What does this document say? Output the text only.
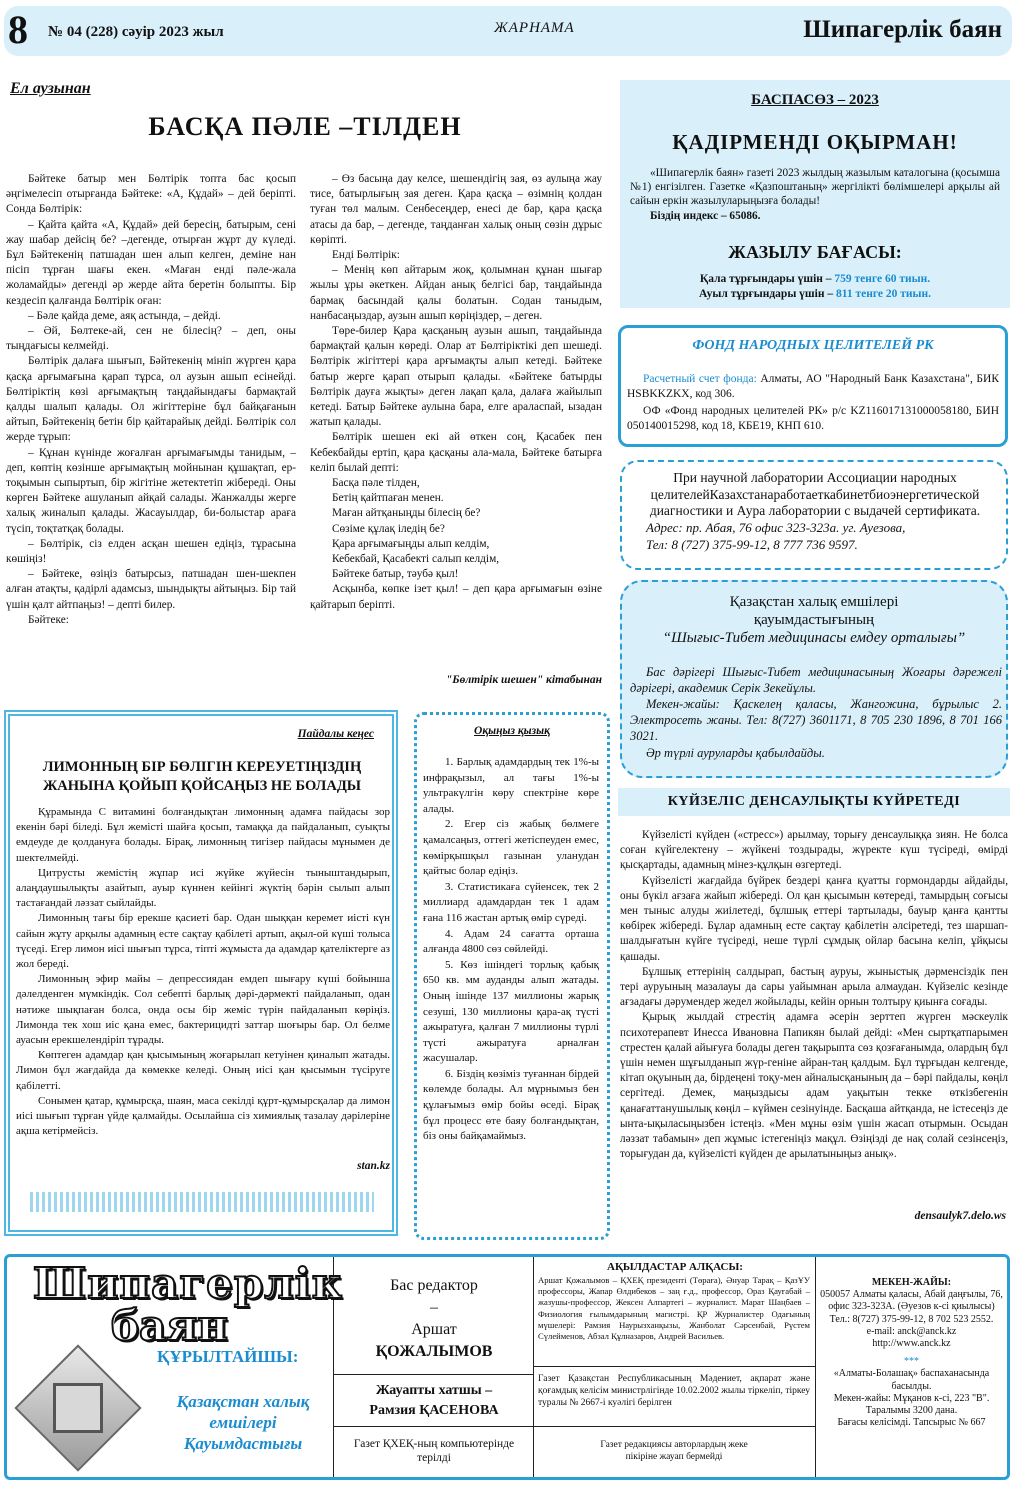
8 № 04 (228) сәуір 2023 жыл	ЖАРНАМА	Шипагерлік баян
Ел аузынан
БАСҚА ПӘЛЕ –ТІЛДЕН

Бәйтеке батыр мен Бөлтірік топта бас қосып әңгімелесіп отырғанда Бәйтеке: «А, Құдай» – дей беріпті. Сонда Бөлтірік:

– Қайта қайта «А, Құдай» дей бересің, батырым, сені жау шабар дейсің бе? –дегенде, отырған жұрт ду күледі. Бұл Бәйтекенің патшадан шен алып келген, деміне нан пісіп тұрған шағы екен. «Маған енді пәле-жала жоламайды» дегенді әр жерде айта беретін болыпты. Бір кездесіп қалғанда Бөлтірік оған:

– Бәле қайда деме, аяқ астында, – дейді.

– Әй, Бөлтеке-ай, сен не білесің? – деп, оны тыңдағысы келмейді.

Бөлтірік далаға шығып, Бәйтекенің мініп жүрген қара қасқа арғымағына қарап тұрса, ол аузын ашып есінейді. Бөлтіріктің көзі арғымақтың таңдайындағы бармақтай қалды шалып қалады. Ол жігіттеріне бұл байқағанын айтып, Бәйтекенің бетін бір қайтарайық дейді. Бөлтірік сол жерде тұрып:

– Құнан күнінде жоғалған арғымағымды танидым, – деп, көптің көзінше арғымақтың мойнынан құшақтап, ер-тоқымын сыпыртып, бір жігітіне жетектетіп жібереді. Оны көрген Бәйтеке ашуланып айқай салады. Жанжалды жерге халық жиналып қалады. Жасауылдар, би-болыстар араға түсіп, тоқтатқақ болады.

– Бөлтірік, сіз елден асқан шешен едіңіз, тұрасына көшіңіз!

– Бәйтеке, өзіңіз батырсыз, патшадан шен-шекпен алған атақты, қадірлі адамсыз, шындықты айтыңыз. Бір тай үшін қалт айтпаңыз! – депті билер.

Бәйтеке:

– Өз басыңа дау келсе, шешендігің зая, өз аулыңа жау тисе, батырлығың зая деген. Қара қасқа – өзімнің қолдан туған төл малым. Сенбесеңдер, енесі де бар, қара қасқа атасы да бар, – дегенде, таңданған халық оның сөзін дұрыс көріпті.

Енді Бөлтірік:

– Менің көп айтарым жоқ, қолымнан құнан шығар жылы ұры әкеткен. Айдан анық белгісі бар, таңдайында бармақ басындай қалы болатын. Содан таныдым, нанбасаңыздар, аузын ашып көріңіздер, – деген.

Төре-билер Қара қасқаның аузын ашып, таңдайында бармақтай қалын көреді. Олар ат Бөлтіріктікі деп шешеді. Бөлтірік жігіттері қара арғымақты алып кетеді. Бәйтеке батыр жерге қарап отырып қалады. «Бәйтеке батырды Бөлтірік дауға жықты» деген лақап қала, далаға жайылып кетеді. Батыр Бәйтеке аулына бара, елге араласпай, ызадан жатып қалады.

Бөлтірік шешен екі ай өткен соң, Қасабек пен Кебекбайды ертіп, қара қасқаны ала-мала, Бәйтеке батырға келіп былай депті:

Басқа пәле тілден,

Бетің қайтпаған менен.

Маған айтқаныңды білесің бе?

Сөзіме құлақ іледің бе?

Қара арғымағыңды алып келдім,

Кебекбай, Қасабекті салып келдім,

Бәйтеке батыр, тәубә қыл!

Асқынба, көпке ізет қыл! – деп қара арғымағын өзіне қайтарып беріпті.

"Бөлтірік шешен" кітабынан
БАСПАСӨЗ – 2023
ҚАДІРМЕНДІ ОҚЫРМАН!
«Шипагерлік баян» газеті 2023 жылдың жазылым каталогына (қосымша №1) енгізілген. Газетке «Қазпоштаның» жергілікті бөлімшелері арқылы ай сайын еркін жазылуларыңызға болады!
Біздің индекс – 65086.
ЖАЗЫЛУ БАҒАСЫ:
Қала тұрғындары үшін – 759 тенге 60 тиын.
Ауыл тұрғындары үшін – 811 тенге 20 тиын.
ФОНД НАРОДНЫХ ЦЕЛИТЕЛЕЙ РК
Расчетный счет фонда: Алматы, АО "Народный Банк Казахстана", БИК HSBKKZKX, код 306.
ОФ «Фонд народных целителей РК» р/с KZ116017131000058180, БИН 050140015298, код 18, КБЕ19, КНП 610.
При научной лаборатории Ассоциации народных целителейКазахстанаработаеткабинетбиоэнергетической диагностики и Аура лаборатории с выдачей сертификата.
Адрес: пр. Абая, 76 офис 323-323а. уг. Ауезова,
Тел: 8 (727) 375-99-12, 8 777 736 9597.
Қазақстан халық емшілері
қауымдастығының
“Шығыс-Тибет медицинасы емдеу орталығы”
Бас дәрігері Шығыс-Тибет медицинасының Жоғары дәрежелі дәрігері, академик Серік Зекейұлы.
Мекен-жайы: Қаскелең қаласы, Жангожина, бұрылыс 2. Электросеть жаны. Тел: 8(727) 3601171, 8 705 230 1896, 8 701 166 3021.
Әр түрлі ауруларды қабылдайды.
КҮЙЗЕЛІС ДЕНСАУЛЫҚТЫ КҮЙРЕТЕДІ

Күйзелісті күйден («стресс») арылмау, торығу денсаулыққа зиян. Не болса соған күйгелектену – жүйкені тоздырады, жүректе күш түсіреді, өмірді қысқартады, адамның мінез-құлқын өзгертеді.

Күйзелісті жағдайда бүйрек бездері қанға қуатты гормондарды айдайды, оны бүкіл ағзаға жайып жібереді. Ол қан қысымын көтереді, тамырдың соғысы мен тыныс алуды жиілетеді, бұлшық еттері тартылады, бауыр қанға қантты көбірек жібереді. Бұлар адамның есте сақтау қабілетін әлсіретеді, тез шаршап-шалдығатын күйге түсіреді, неше түрлі сұмдық ойлар басына келіп, ұйқысы қашады.

Бұлшық еттерінің салдырап, бастың ауруы, жыныстық дәрменсіздік пен тері ауруының мазалауы да сары уайымнан арыла алмаудан. Күйзеліс кезінде ағзадағы дәрумендер жедел жойылады, кейін орнын толтыру қиынға соғады.

Қырық жылдай стрестің адамға әсерін зерттеп жүрген мәскеулік психотерапевт Инесса Ивановна Папикян былай дейді: «Мен сыртқатпарымен стрестен қалай айығуға болады деген тақырыпта сөз қозғағанымда, олардың бұл үшін немен шұғылданып жүр-геніне айран-таң қалдым. Бұл тұрғыдан келгенде, кітап оқуының да, бірдеңені тоқу-мен айналысқанының да – бәрі пайдалы, көңіл сергітеді. Демек, маңыздысы адам уақытын текке өткізбегенін қанағаттанушылық көңіл – күймен сезінуінде. Басқаша айтқанда, не істесеңіз де ынта-ықыласыңызбен істеңіз. «Мен мұны өзім үшін жасап отырмын. Осыдан ләззат табамын» деп жұмыс істегеніңіз мақұл. Өзіңізді де нақ солай сезінсеңіз, торығудан да, күйзелісті күйден де арылатыныңыз анық».

densaulyk7.delo.ws
Пайдалы кеңес
ЛИМОННЫҢ БІР БӨЛІГІН КЕРЕУЕТІҢІЗДІҢ ЖАНЫНА ҚОЙЫП ҚОЙСАҢЫЗ НЕ БОЛАДЫ

Құрамында С витамині болғандықтан лимонның адамға пайдасы зор екенін бәрі біледі. Бұл жемісті шайға қосып, тамаққа да пайдаланып, суықты емдеуде де қолдануға болады. Бірақ, лимонның тигізер пайдасы мұнымен де шектелмейді.

Цитрусты жемістің жұпар исі жүйке жүйесін тыныштандырып, алаңдаушылықты азайтып, ауыр күннен кейінгі жүктің бәрін сылып алып тастағандай ләззат сыйлайды.

Лимонның тағы бір ерекше қасиеті бар. Одан шыққан керемет иісті күн сайын жұту арқылы адамның есте сақтау қабілеті артып, ақыл-ой күші толыса түседі. Егер лимон иісі шығып тұрса, тіпті жұмыста да адамдар қателіктерге аз жол береді.

Лимонның эфир майы – депрессиядан емдеп шығару күші бойынша дәлелденген мүмкіндік. Сол себепті барлық дәрі-дәрмекті пайдаланып, одан нәтиже шықпаған болса, онда осы бір жеміс түрін пайдаланып көріңіз. Лимонда тек хош иіс қана емес, бактерицидті заттар шоғыры бар. Ол белме ауасын ерекшелендіріп тұрады.

Көптеген адамдар қан қысымының жоғарылап кетуінен қиналып жатады. Лимон бұл жағдайда да көмекке келеді. Оның иісі қан қысымын түсіруге қабілетті.

Сонымен қатар, құмырсқа, шаян, маса секілді құрт-құмырсқалар да лимон иісі шығып тұрған үйде қалмайды. Осылайша сіз химиялық тазалау дәрілеріне ақша кетірмейсіз.

stan.kz
Оқыңыз қызық

1. Барлық адамдардың тек 1%-ы инфрақызыл, ал тағы 1%-ы ультракүлгін көру спектріне көре алады.

2. Егер сіз жабық бөлмеге қамалсаңыз, оттегі жетіспеуден емес, көмірқышқыл газынан уланудан қайтыс болар едіңіз.

3. Статистикаға сүйенсек, тек 2 миллиард адамдардан тек 1 адам ғана 116 жастан артық өмір сүреді.

4. Адам 24 сағатта орташа алғанда 4800 сөз сөйлейді.

5. Көз ішіндегі торлық қабық 650 кв. мм ауданды алып жатады. Оның ішінде 137 миллионы жарық сезуші, 130 миллионы қара-ақ түсті ажыратуға, қалған 7 миллионы түрлі түсті ажыратуға арналған жасушалар.

6. Біздің көзіміз туғаннан бірдей көлемде болады. Ал мұрнымыз бен құлағымыз өмір бойы өседі. Бірақ бұл процесс өте баяу болғандықтан, біз оны байқамаймыз.

Шипагерлік
баян
ҚҰРЫЛТАЙШЫ:
Қазақстан халық емшілері Қауымдастығы
Бас редактор
–
Аршат
ҚОЖАЛЫМОВ
Жауапты хатшы –
Рамзия ҚАСЕНОВА
Газет ҚХЕҚ-ның компьютерінде терілді
АҚЫЛДАСТАР АЛҚАСЫ:
Аршат Қожалымов – ҚХЕҚ президенті (Төраға), Әнуар Тарақ – ҚазҰУ профессоры, Жапар Өлдибеков – заң ғ.д., профессор, Ораз Қауғабай – жазушы-профессор, Жексен Алпартегі – журналист. Марат Шаңбаев – Физиология ғылымдарының магистрі. ҚР Журналистер Одағының мүшелері: Рамзия Наурызханқызы, Жанболат Сәрсенбай, Рүстем Сүлейменов, Абзал Құлназаров, Андрей Васильев.
Газет Қазақстан Республикасының Мәдениет, ақпарат және қоғамдық келісім министрлігінде 10.02.2002 жылы тіркеліп, тіркеу туралы № 2667-і куәлігі берілген
Газет редакциясы авторлардың жеке пікіріне жауап бермейді
МЕКЕН-ЖАЙЫ:
050057 Алматы қаласы, Абай даңғылы, 76, офис 323-323А. (Әуезов к-сі қиылысы)
Тел.: 8(727) 375-99-12, 8 702 523 2552.
e-mail: anck@anck.kz
http://www.anck.kz
***
«Алматы-Болашақ» баспаханасында басылды.
Мекен-жайы: Мұқанов к-сі, 223 "В".
Таралымы 3200 дана.
Бағасы келісімді. Тапсырыс № 667
